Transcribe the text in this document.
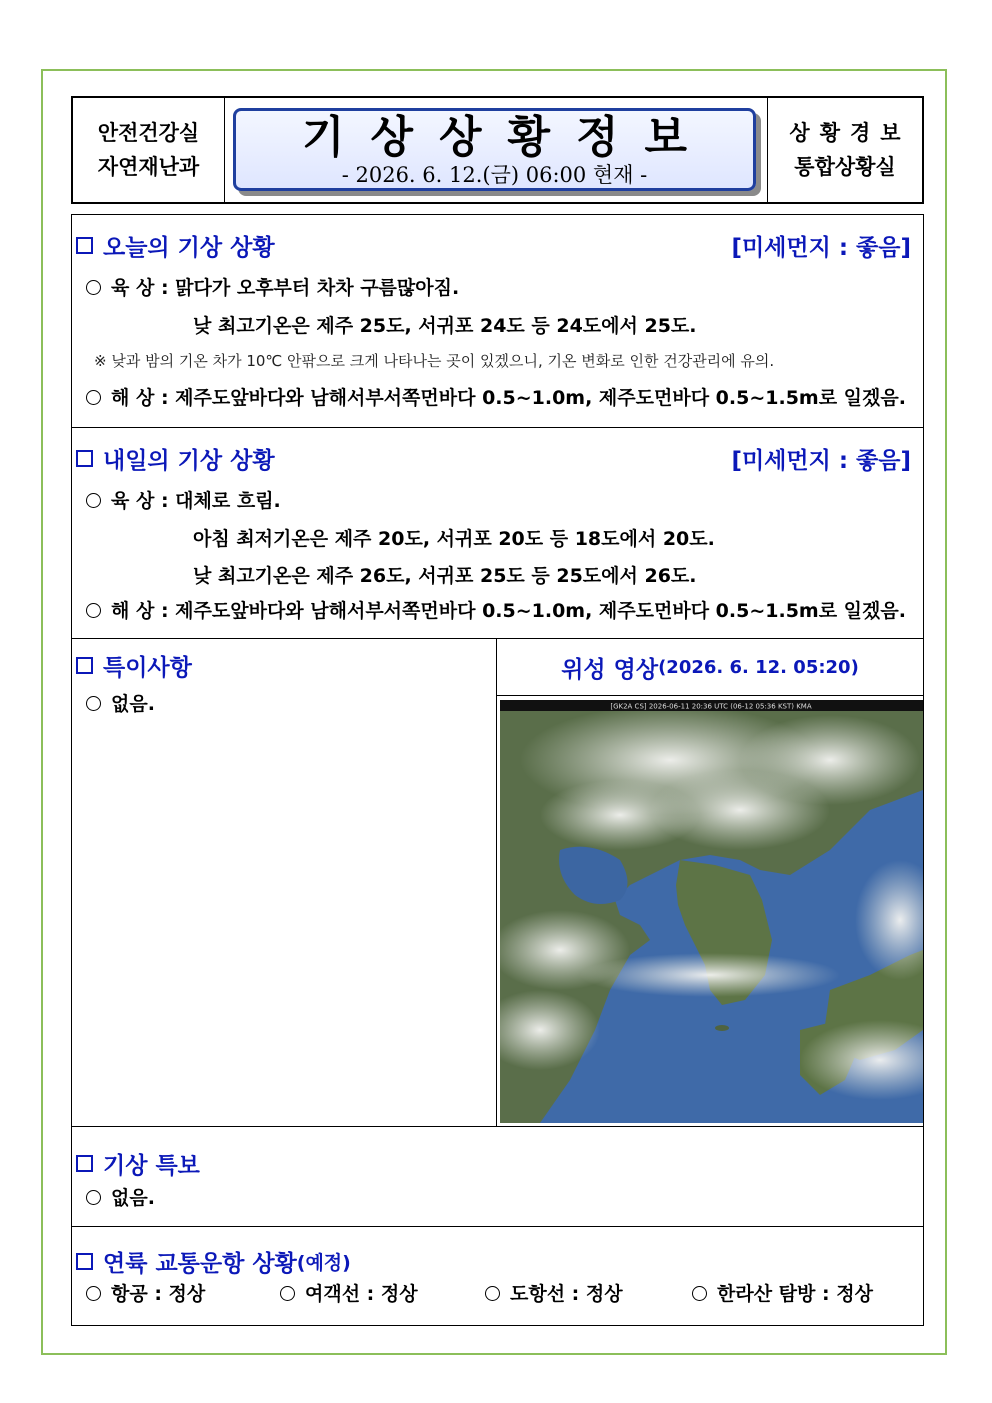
안전건강실
자연재난과
기상상황정보
- 2026. 6. 12.(금) 06:00 현재 -
상황경보
통합상황실
오늘의 기상 상황	[미세먼지 : 좋음]
육 상 : 맑다가 오후부터 차차 구름많아짐.
낮 최고기온은 제주 25도, 서귀포 24도 등 24도에서 25도.
※ 낮과 밤의 기온 차가 10℃ 안팎으로 크게 나타나는 곳이 있겠으니, 기온 변화로 인한 건강관리에 유의.
해 상 : 제주도앞바다와 남해서부서쪽먼바다 0.5~1.0m, 제주도먼바다 0.5~1.5m로 일겠음.
내일의 기상 상황	[미세먼지 : 좋음]
육 상 : 대체로 흐림.
아침 최저기온은 제주 20도, 서귀포 20도 등 18도에서 20도.
낮 최고기온은 제주 26도, 서귀포 25도 등 25도에서 26도.
해 상 : 제주도앞바다와 남해서부서쪽먼바다 0.5~1.0m, 제주도먼바다 0.5~1.5m로 일겠음.
특이사항
없음.
위성 영상 (2026. 6. 12. 05:20)
[GK2A CS] 2026-06-11 20:36 UTC (06-12 05:36 KST) KMA
기상 특보
없음.
연륙 교통운항 상황 (예정)
항공 : 정상	여객선 : 정상	도항선 : 정상	한라산 탐방 : 정상
